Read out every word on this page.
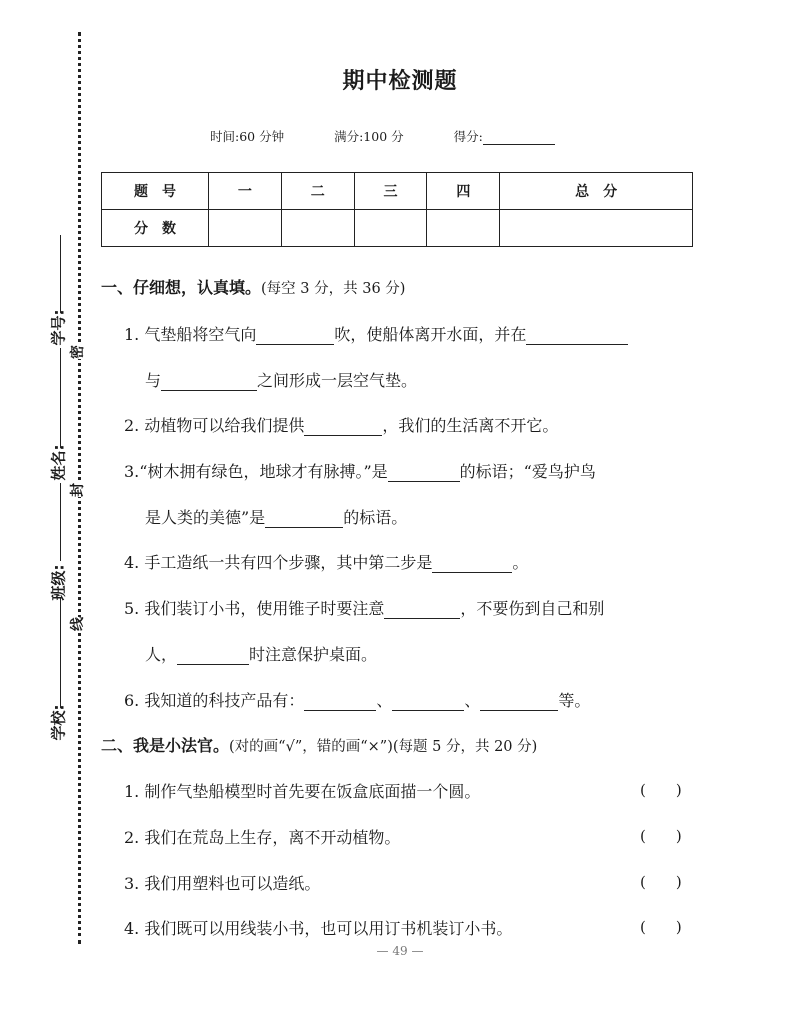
学校:
班级:
姓名:
学号:
线
封
密
期中检测题
时间:60 分钟	满分:100 分	得分:
题　号	一	二	三	四	总　分
分　数					
一、仔细想，认真填。(每空 3 分，共 36 分)
1. 气垫船将空气向	吹，使船体离开水面，并在
与	之间形成一层空气垫。
2. 动植物可以给我们提供	，我们的生活离不开它。
3.“树木拥有绿色，地球才有脉搏。”是	的标语；“爱鸟护鸟
是人类的美德”是	的标语。
4. 手工造纸一共有四个步骤，其中第二步是	。
5. 我们装订小书，使用锥子时要注意	，不要伤到自己和别
人，	时注意保护桌面。
6. 我知道的科技产品有：	、	、	等。
二、我是小法官。(对的画“√”，错的画“×”)(每题 5 分，共 20 分)
1. 制作气垫船模型时首先要在饭盒底面描一个圆。	(　　)
2. 我们在荒岛上生存，离不开动植物。	(　　)
3. 我们用塑料也可以造纸。	(　　)
4. 我们既可以用线装小书，也可以用订书机装订小书。	(　　)
— 49 —
